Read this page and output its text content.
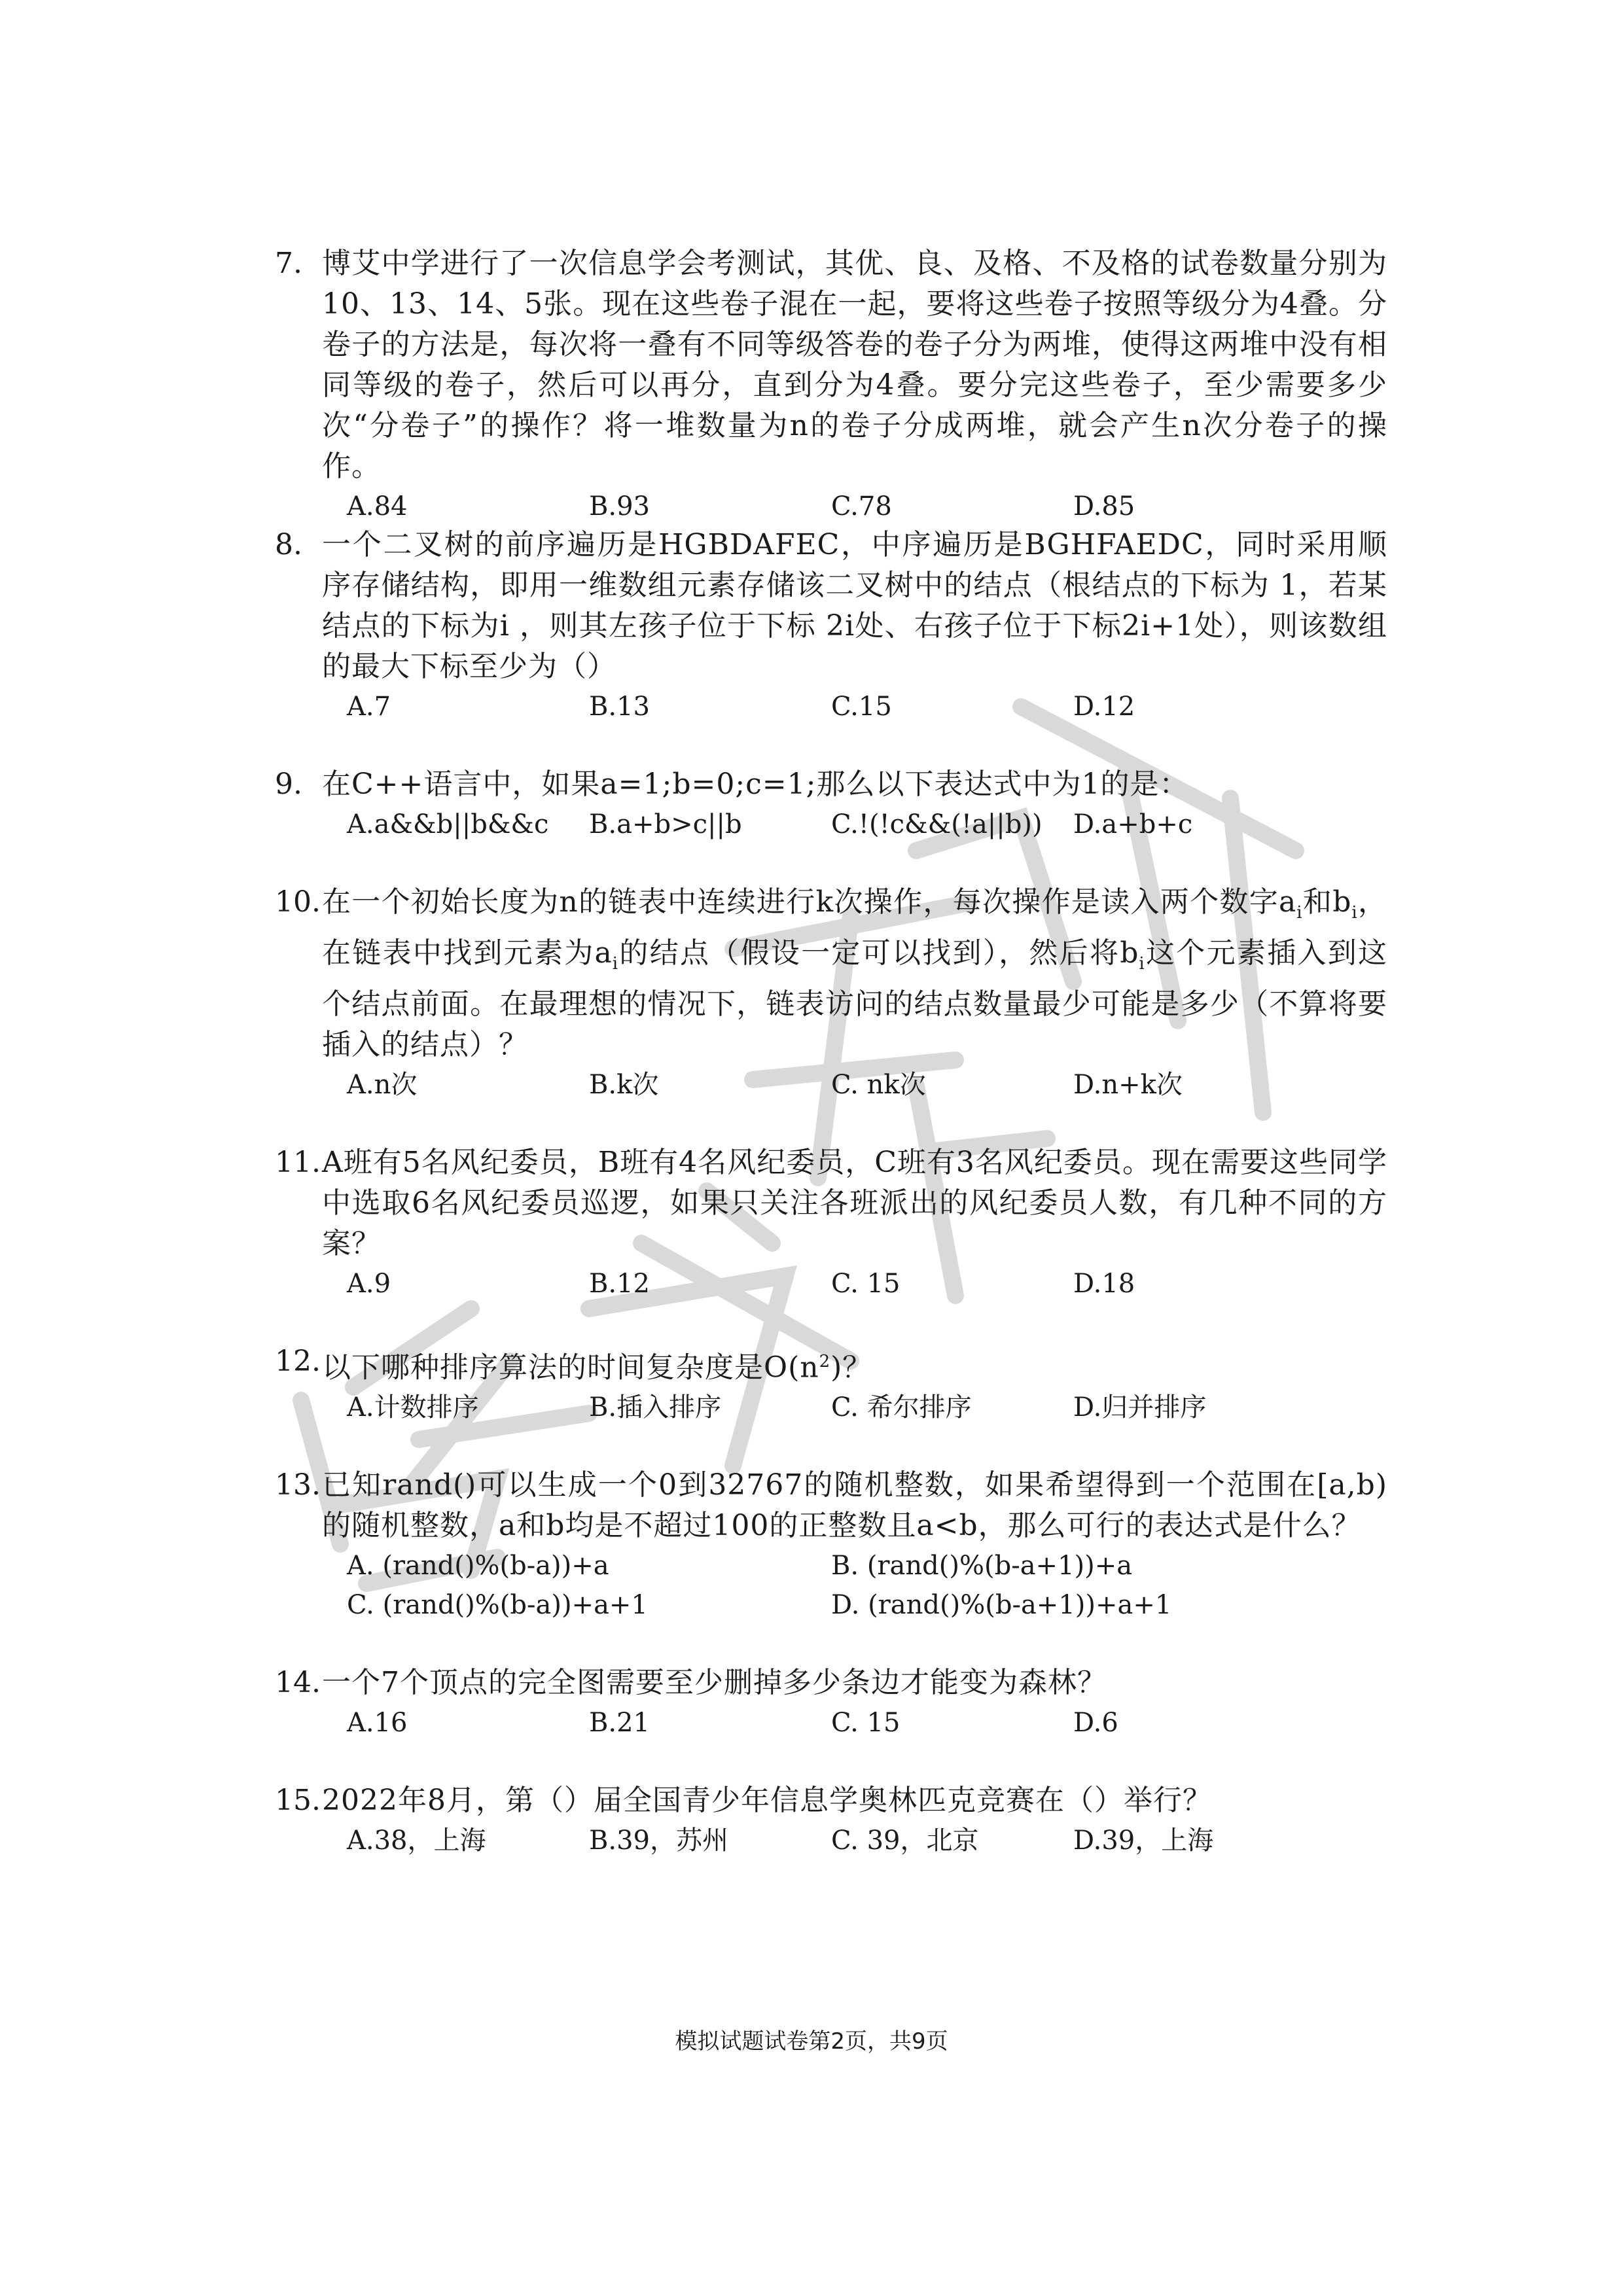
7. 博艾中学进行了一次信息学会考测试，其优、良、及格、不及格的试卷数量分别为10、13、14、5张。现在这些卷子混在一起，要将这些卷子按照等级分为4叠。分卷子的方法是，每次将一叠有不同等级答卷的卷子分为两堆，使得这两堆中没有相同等级的卷子，然后可以再分，直到分为4叠。要分完这些卷子，至少需要多少次“分卷子”的操作？将一堆数量为n的卷子分成两堆，就会产生n次分卷子的操作。
A.84	B.93	C.78	D.85
8. 一个二叉树的前序遍历是HGBDAFEC，中序遍历是BGHFAEDC，同时采用顺序存储结构，即用一维数组元素存储该二叉树中的结点（根结点的下标为 1，若某结点的下标为i ，则其左孩子位于下标 2i处、右孩子位于下标2i+1处），则该数组的最大下标至少为（）
A.7	B.13	C.15	D.12
9. 在C++语言中，如果a=1;b=0;c=1;那么以下表达式中为1的是：
A.a&&b||b&&c	B.a+b>c||b	C.!(!c&&(!a||b))	D.a+b+c
10. 在一个初始长度为n的链表中连续进行k次操作，每次操作是读入两个数字$a_i$和$b_i$，在链表中找到元素为$a_i$的结点（假设一定可以找到），然后将$b_i$这个元素插入到这个结点前面。在最理想的情况下，链表访问的结点数量最少可能是多少（不算将要插入的结点）？
A.n次	B.k次	C. nk次	D.n+k次
11. A班有5名风纪委员，B班有4名风纪委员，C班有3名风纪委员。现在需要这些同学中选取6名风纪委员巡逻，如果只关注各班派出的风纪委员人数，有几种不同的方案？
A.9	B.12	C. 15	D.18
12. 以下哪种排序算法的时间复杂度是$O(n^2)$？
A.计数排序	B.插入排序	C. 希尔排序	D.归并排序
13. 已知rand()可以生成一个0到32767的随机整数，如果希望得到一个范围在[a,b)的随机整数，a和b均是不超过100的正整数且a<b，那么可行的表达式是什么？
A. (rand()%(b-a))+a	B. (rand()%(b-a+1))+a
C. (rand()%(b-a))+a+1	D. (rand()%(b-a+1))+a+1
14. 一个7个顶点的完全图需要至少删掉多少条边才能变为森林？
A.16	B.21	C. 15	D.6
15. 2022年8月，第（）届全国青少年信息学奥林匹克竞赛在（）举行？
A.38，上海	B.39，苏州	C. 39，北京	D.39，上海
模拟试题试卷第2页，共9页
